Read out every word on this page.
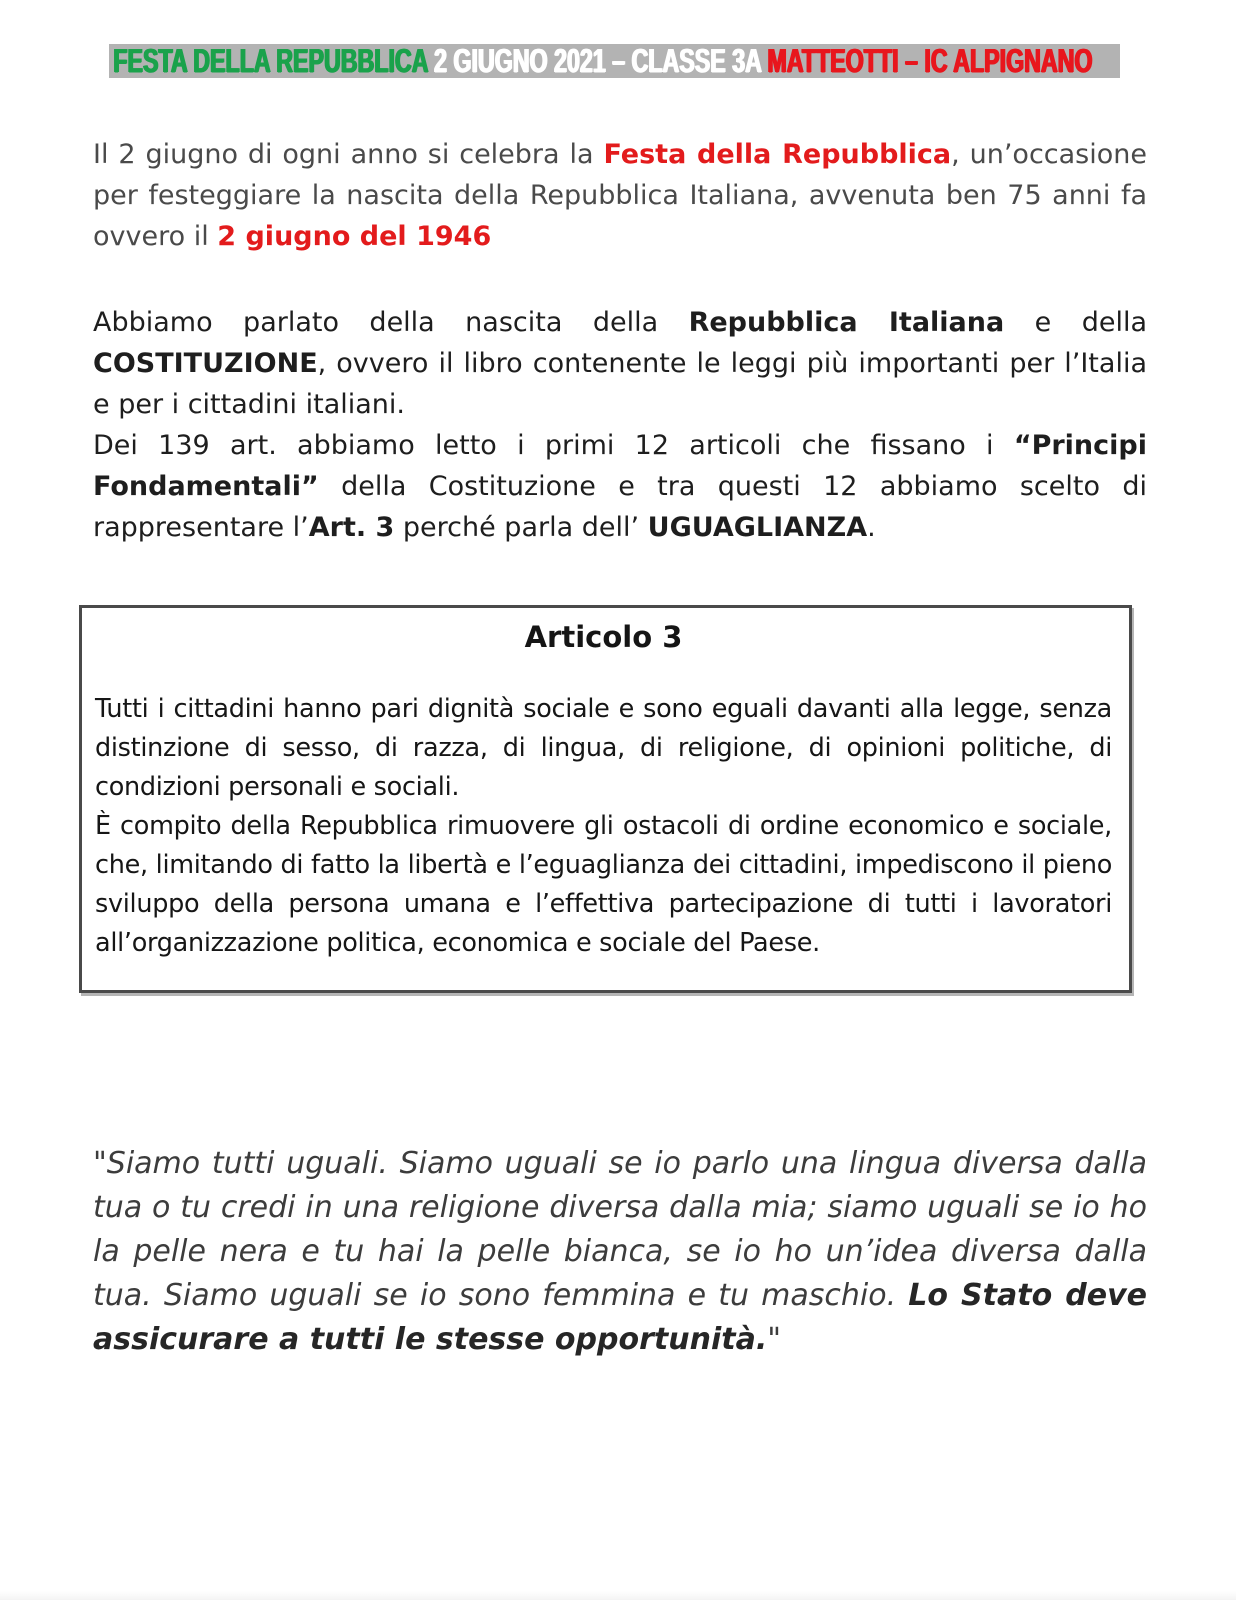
FESTA DELLA REPUBBLICA 2 GIUGNO 2021 – CLASSE 3A MATTEOTTI – IC ALPIGNANO

Il 2 giugno di ogni anno si celebra la Festa della Repubblica, un’occasione per festeggiare la nascita della Repubblica Italiana, avvenuta ben 75 anni fa ovvero il 2 giugno del 1946

Abbiamo parlato della nascita della Repubblica Italiana e della COSTITUZIONE, ovvero il libro contenente le leggi più importanti per l’Italia e per i cittadini italiani.

Dei 139 art. abbiamo letto i primi 12 articoli che fissano i “Principi Fondamentali” della Costituzione e tra questi 12 abbiamo scelto di rappresentare l’Art. 3 perché parla dell’ UGUAGLIANZA.

Articolo 3

Tutti i cittadini hanno pari dignità sociale e sono eguali davanti alla legge, senza distinzione di sesso, di razza, di lingua, di religione, di opinioni politiche, di condizioni personali e sociali.

È compito della Repubblica rimuovere gli ostacoli di ordine economico e sociale, che, limitando di fatto la libertà e l’eguaglianza dei cittadini, impediscono il pieno sviluppo della persona umana e l’effettiva partecipazione di tutti i lavoratori all’organizzazione politica, economica e sociale del Paese.

"Siamo tutti uguali. Siamo uguali se io parlo una lingua diversa dalla tua o tu credi in una religione diversa dalla mia; siamo uguali se io ho la pelle nera e tu hai la pelle bianca, se io ho un’idea diversa dalla tua. Siamo uguali se io sono femmina e tu maschio. Lo Stato deve assicurare a tutti le stesse opportunità."
